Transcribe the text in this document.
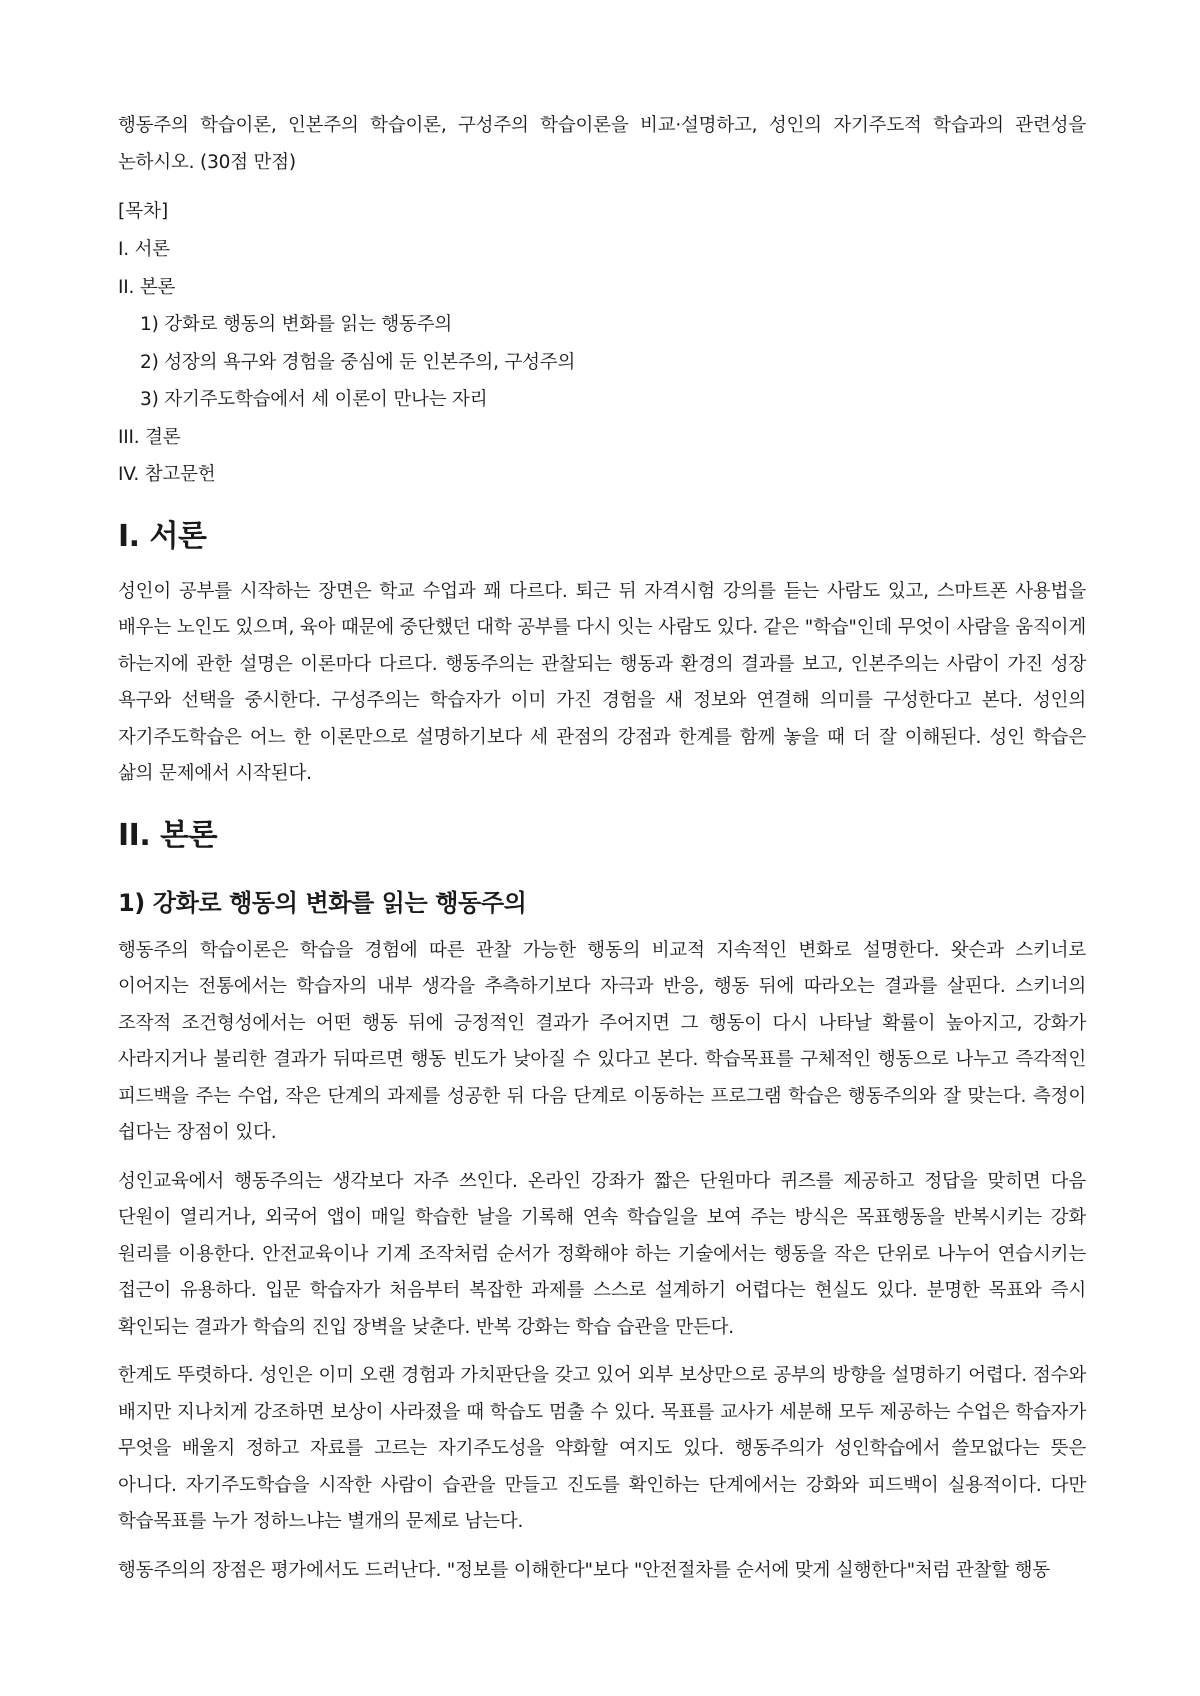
행동주의 학습이론, 인본주의 학습이론, 구성주의 학습이론을 비교·설명하고, 성인의 자기주도적 학습과의 관련성을 논하시오. (30점 만점)

[목차]
I. 서론
II. 본론
1) 강화로 행동의 변화를 읽는 행동주의
2) 성장의 욕구와 경험을 중심에 둔 인본주의, 구성주의
3) 자기주도학습에서 세 이론이 만나는 자리
III. 결론
IV. 참고문헌
I. 서론

성인이 공부를 시작하는 장면은 학교 수업과 꽤 다르다. 퇴근 뒤 자격시험 강의를 듣는 사람도 있고, 스마트폰 사용법을 배우는 노인도 있으며, 육아 때문에 중단했던 대학 공부를 다시 잇는 사람도 있다. 같은 "학습"인데 무엇이 사람을 움직이게 하는지에 관한 설명은 이론마다 다르다. 행동주의는 관찰되는 행동과 환경의 결과를 보고, 인본주의는 사람이 가진 성장 욕구와 선택을 중시한다. 구성주의는 학습자가 이미 가진 경험을 새 정보와 연결해 의미를 구성한다고 본다. 성인의 자기주도학습은 어느 한 이론만으로 설명하기보다 세 관점의 강점과 한계를 함께 놓을 때 더 잘 이해된다. 성인 학습은 삶의 문제에서 시작된다.

II. 본론
1) 강화로 행동의 변화를 읽는 행동주의

행동주의 학습이론은 학습을 경험에 따른 관찰 가능한 행동의 비교적 지속적인 변화로 설명한다. 왓슨과 스키너로 이어지는 전통에서는 학습자의 내부 생각을 추측하기보다 자극과 반응, 행동 뒤에 따라오는 결과를 살핀다. 스키너의 조작적 조건형성에서는 어떤 행동 뒤에 긍정적인 결과가 주어지면 그 행동이 다시 나타날 확률이 높아지고, 강화가 사라지거나 불리한 결과가 뒤따르면 행동 빈도가 낮아질 수 있다고 본다. 학습목표를 구체적인 행동으로 나누고 즉각적인 피드백을 주는 수업, 작은 단계의 과제를 성공한 뒤 다음 단계로 이동하는 프로그램 학습은 행동주의와 잘 맞는다. 측정이 쉽다는 장점이 있다.

성인교육에서 행동주의는 생각보다 자주 쓰인다. 온라인 강좌가 짧은 단원마다 퀴즈를 제공하고 정답을 맞히면 다음 단원이 열리거나, 외국어 앱이 매일 학습한 날을 기록해 연속 학습일을 보여 주는 방식은 목표행동을 반복시키는 강화 원리를 이용한다. 안전교육이나 기계 조작처럼 순서가 정확해야 하는 기술에서는 행동을 작은 단위로 나누어 연습시키는 접근이 유용하다. 입문 학습자가 처음부터 복잡한 과제를 스스로 설계하기 어렵다는 현실도 있다. 분명한 목표와 즉시 확인되는 결과가 학습의 진입 장벽을 낮춘다. 반복 강화는 학습 습관을 만든다.

한계도 뚜렷하다. 성인은 이미 오랜 경험과 가치판단을 갖고 있어 외부 보상만으로 공부의 방향을 설명하기 어렵다. 점수와 배지만 지나치게 강조하면 보상이 사라졌을 때 학습도 멈출 수 있다. 목표를 교사가 세분해 모두 제공하는 수업은 학습자가 무엇을 배울지 정하고 자료를 고르는 자기주도성을 약화할 여지도 있다. 행동주의가 성인학습에서 쓸모없다는 뜻은 아니다. 자기주도학습을 시작한 사람이 습관을 만들고 진도를 확인하는 단계에서는 강화와 피드백이 실용적이다. 다만 학습목표를 누가 정하느냐는 별개의 문제로 남는다.

행동주의의 장점은 평가에서도 드러난다. "정보를 이해한다"보다 "안전절차를 순서에 맞게 실행한다"처럼 관찰할 행동
